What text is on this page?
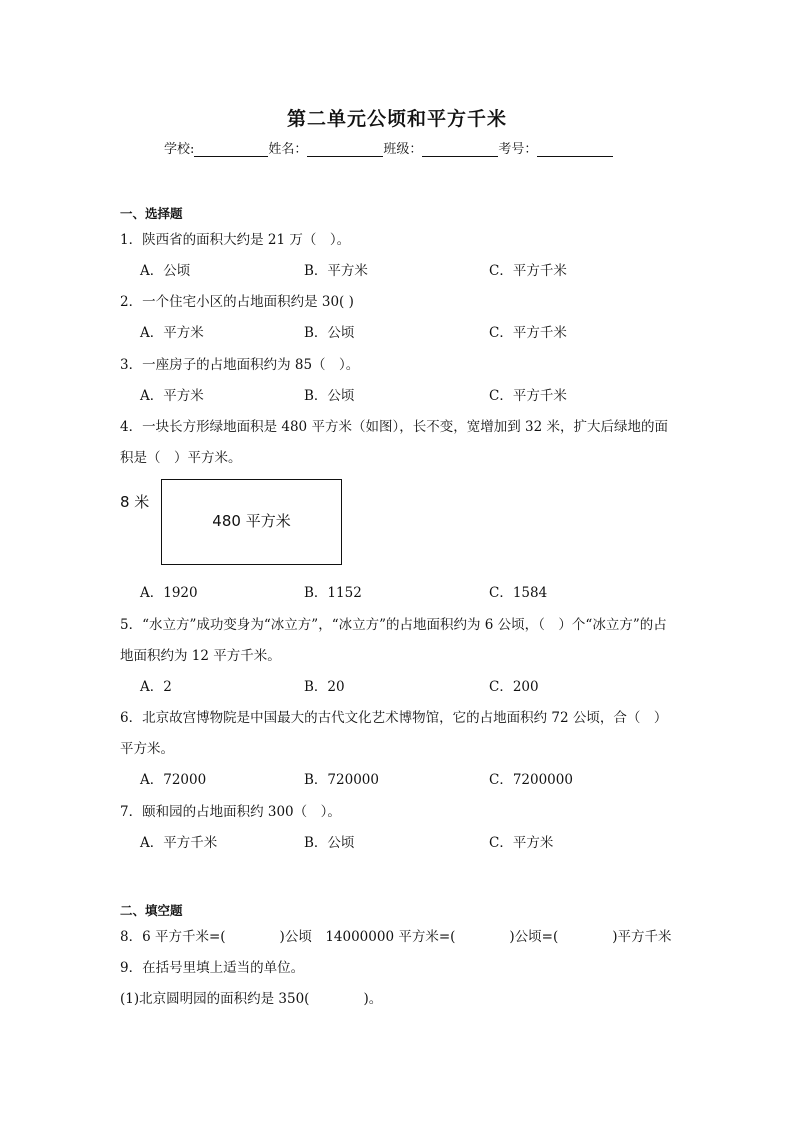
第二单元公顷和平方千米
学校:	姓名：	班级：	考号：
一、选择题
1．陕西省的面积大约是 21 万（　）。
A．公顷	B．平方米	C．平方千米
2．一个住宅小区的占地面积约是 30( )
A．平方米	B．公顷	C．平方千米
3．一座房子的占地面积约为 85（　）。
A．平方米	B．公顷	C．平方千米
4．一块长方形绿地面积是 480 平方米（如图），长不变，宽增加到 32 米，扩大后绿地的面
积是（　）平方米。
8 米
480 平方米
A．1920	B．1152	C．1584
5．“水立方”成功变身为“冰立方”，“冰立方”的占地面积约为 6 公顷，（　）个“冰立方”的占
地面积约为 12 平方千米。
A．2	B．20	C．200
6．北京故宫博物院是中国最大的古代文化艺术博物馆，它的占地面积约 72 公顷，合（　）
平方米。
A．72000	B．720000	C．7200000
7．颐和园的占地面积约 300（　）。
A．平方千米	B．公顷	C．平方米
二、填空题
8．6 平方千米=(　　　　)公顷　14000000 平方米=(　　　　)公顷=(　　　　)平方千米
9．在括号里填上适当的单位。
(1)北京圆明园的面积约是 350(　　　　)。
